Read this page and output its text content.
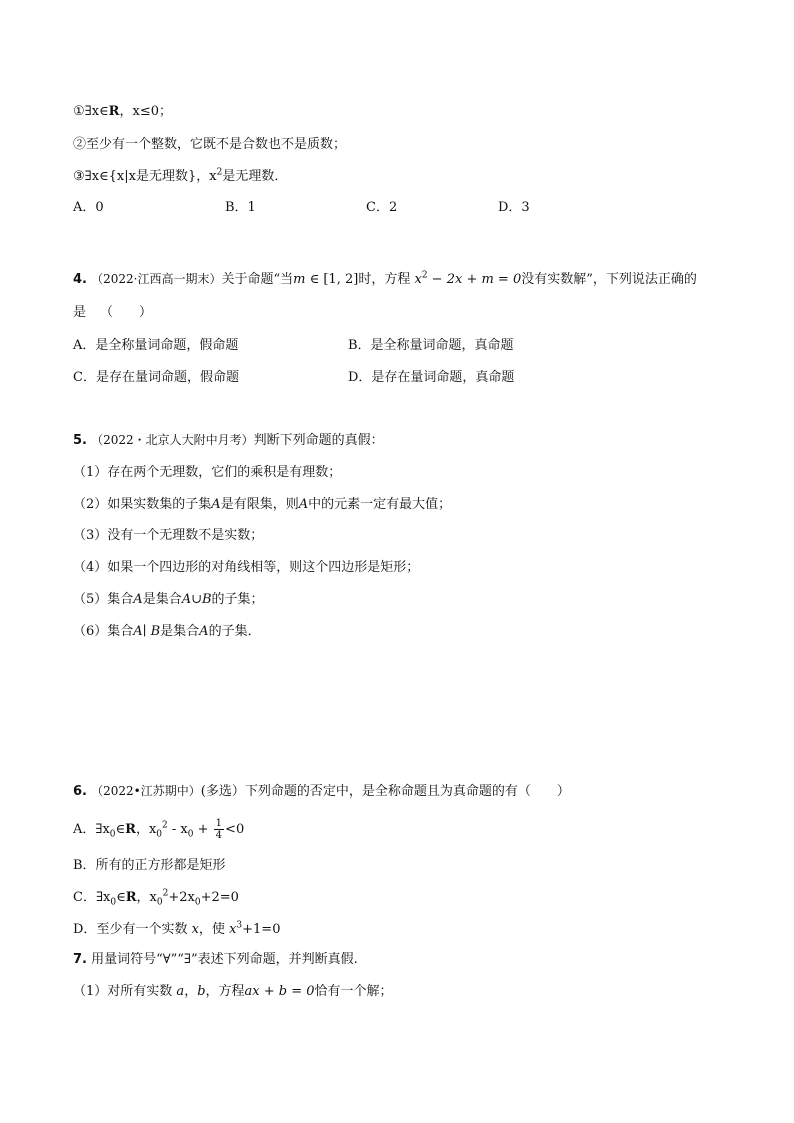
①∃x∈R，x≤0；
②至少有一个整数，它既不是合数也不是质数；
③∃x∈{x|x是无理数}，$x^2$是无理数．
A．0	B．1	C．2	D．3
4. （2022·江西高一期末）关于命题“当m ∈ [1, 2]时，方程 $x^2 - 2x + m = 0$没有实数解”，下列说法正确的
是 （　　）
A．是全称量词命题，假命题	B．是全称量词命题，真命题
C．是存在量词命题，假命题	D．是存在量词命题，真命题
5. （2022・北京人大附中月考）判断下列命题的真假：
（1）存在两个无理数，它们的乘积是有理数；
（2）如果实数集的子集A是有限集，则A中的元素一定有最大值；
（3）没有一个无理数不是实数；
（4）如果一个四边形的对角线相等，则这个四边形是矩形；
（5）集合A是集合A∪B的子集；
（6）集合A∣ B是集合A的子集．
6. （2022•江苏期中）(多选）下列命题的否定中，是全称命题且为真命题的有（　　）
A．$\exists x_0\in R$，$x_0^2 - x_0 + \frac{1}{4} <0$
B．所有的正方形都是矩形
C．$\exists x_0\in R$，$x_0^2+2x_0+2=0$
D．至少有一个实数 x，使 $x^3+1=0$
7. 用量词符号“∀”“∃”表述下列命题，并判断真假.
（1）对所有实数 a，b，方程ax + b = 0恰有一个解；
